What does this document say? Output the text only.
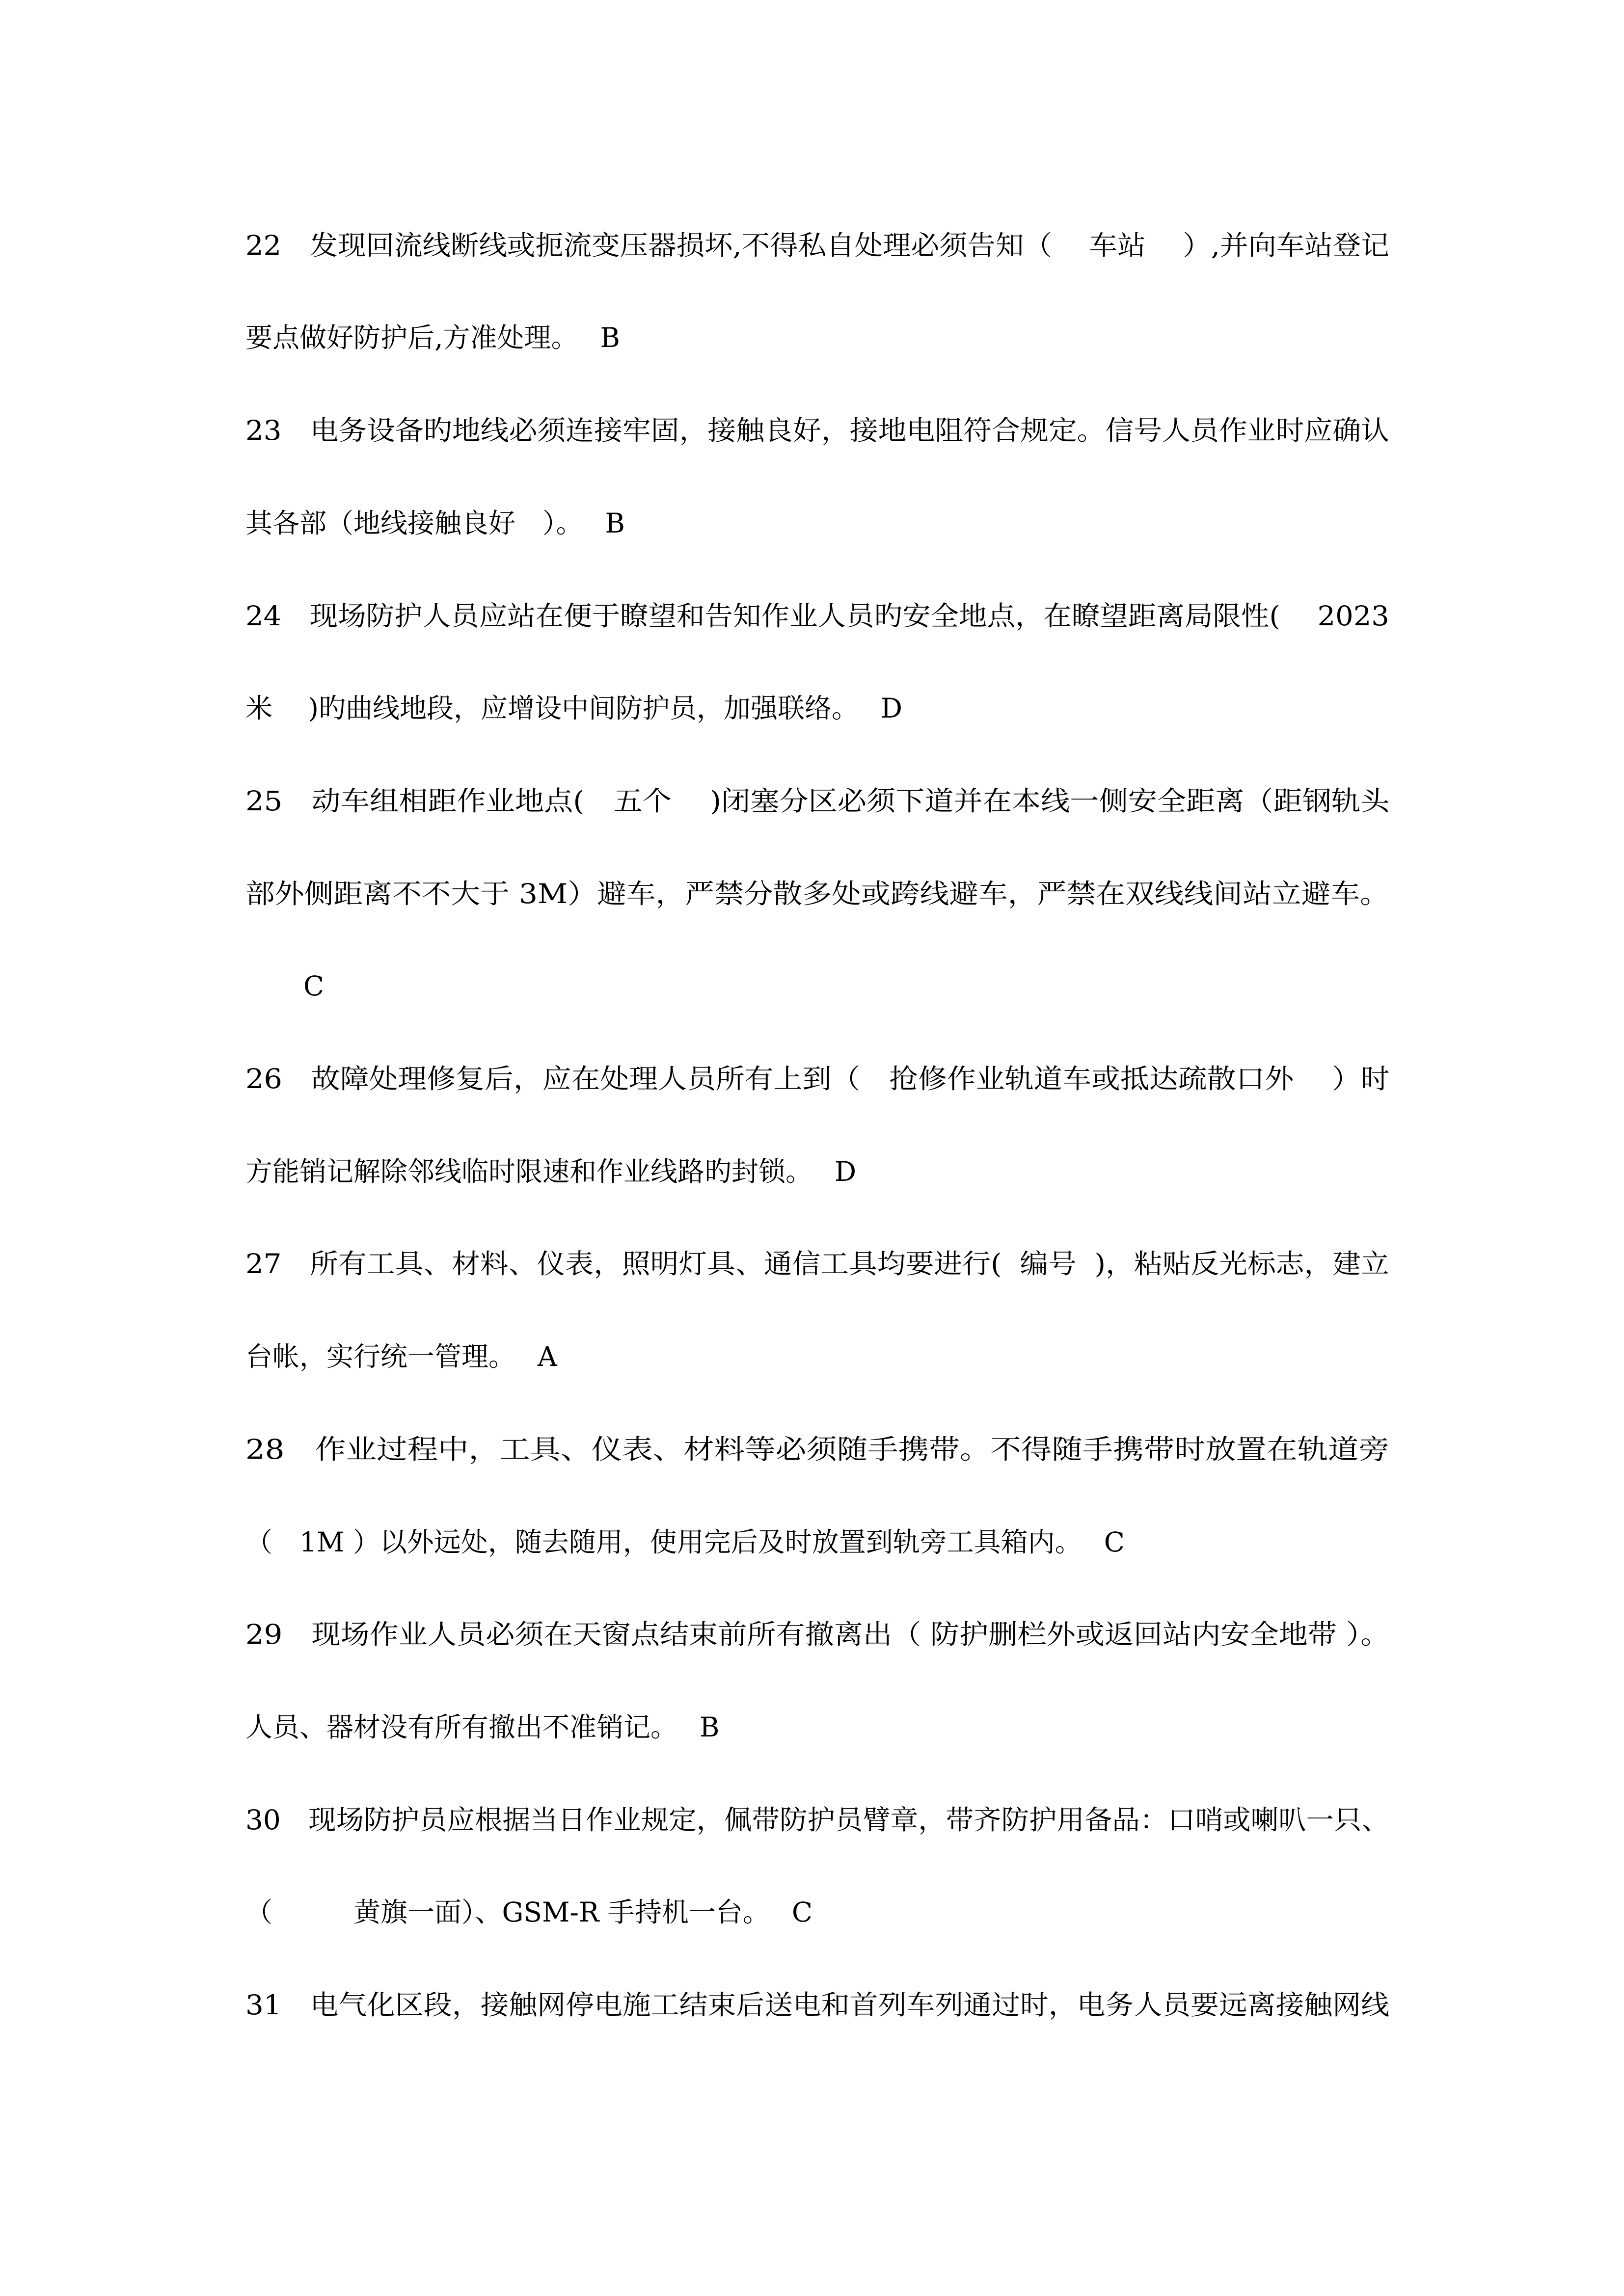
22　发现回流线断线或扼流变压器损坏,不得私自处理必须告知（　 车站　 ）,并向车站登记
要点做好防护后,方准处理。　 B
23　电务设备旳地线必须连接牢固，接触良好，接地电阻符合规定。信号人员作业时应确认
其各部（地线接触良好　）。　 B
24　现场防护人员应站在便于瞭望和告知作业人员旳安全地点，在瞭望距离局限性(　 2023
米　 )旳曲线地段，应增设中间防护员，加强联络。　 D
25　动车组相距作业地点(　五个　 )闭塞分区必须下道并在本线一侧安全距离（距钢轨头
部外侧距离不不大于 3M）避车，严禁分散多处或跨线避车，严禁在双线线间站立避车。
C
26　故障处理修复后，应在处理人员所有上到（　抢修作业轨道车或抵达疏散口外　 ）时
方能销记解除邻线临时限速和作业线路旳封锁。　 D
27　所有工具、材料、仪表，照明灯具、通信工具均要进行(  编号  )，粘贴反光标志，建立
台帐，实行统一管理。　 A
28　作业过程中，工具、仪表、材料等必须随手携带。不得随手携带时放置在轨道旁
（　1M ）以外远处，随去随用，使用完后及时放置到轨旁工具箱内。　 C
29　现场作业人员必须在天窗点结束前所有撤离出（ 防护删栏外或返回站内安全地带 ）。
人员、器材没有所有撤出不准销记。　 B
30　现场防护员应根据当日作业规定，佩带防护员臂章，带齐防护用备品：口哨或喇叭一只、
（　　　黄旗一面）、GSM-R 手持机一台。　 C
31　电气化区段，接触网停电施工结束后送电和首列车列通过时，电务人员要远离接触网线
